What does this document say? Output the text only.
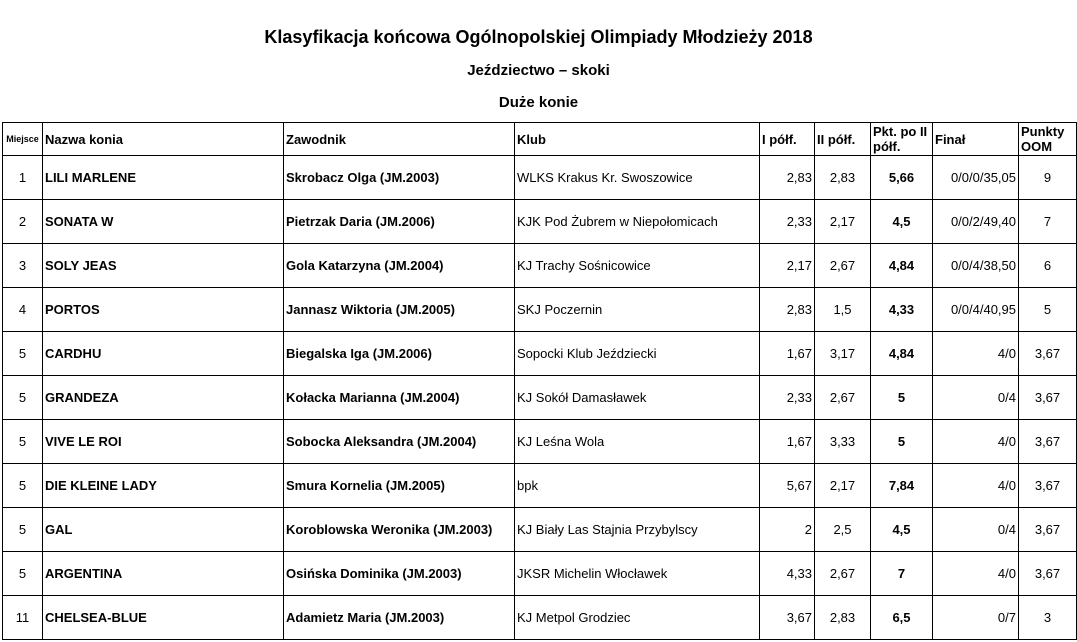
Klasyfikacja końcowa Ogólnopolskiej Olimpiady Młodzieży 2018
Jeździectwo – skoki
Duże konie
Miejsce	Nazwa konia	Zawodnik	Klub	I półf.	II półf.	Pkt. po II półf.	Finał	Punkty OOM
1	LILI MARLENE	Skrobacz Olga (JM.2003)	WLKS Krakus Kr. Swoszowice	2,83	2,83	5,66	0/0/0/35,05	9
2	SONATA W	Pietrzak Daria (JM.2006)	KJK Pod Żubrem w Niepołomicach	2,33	2,17	4,5	0/0/2/49,40	7
3	SOLY JEAS	Gola Katarzyna (JM.2004)	KJ Trachy Sośnicowice	2,17	2,67	4,84	0/0/4/38,50	6
4	PORTOS	Jannasz Wiktoria (JM.2005)	SKJ Poczernin	2,83	1,5	4,33	0/0/4/40,95	5
5	CARDHU	Biegalska Iga (JM.2006)	Sopocki Klub Jeździecki	1,67	3,17	4,84	4/0	3,67
5	GRANDEZA	Kołacka Marianna (JM.2004)	KJ Sokół Damasławek	2,33	2,67	5	0/4	3,67
5	VIVE LE ROI	Sobocka Aleksandra (JM.2004)	KJ Leśna Wola	1,67	3,33	5	4/0	3,67
5	DIE KLEINE LADY	Smura Kornelia (JM.2005)	bpk	5,67	2,17	7,84	4/0	3,67
5	GAL	Koroblowska Weronika (JM.2003)	KJ Biały Las Stajnia Przybylscy	2	2,5	4,5	0/4	3,67
5	ARGENTINA	Osińska Dominika (JM.2003)	JKSR Michelin Włocławek	4,33	2,67	7	4/0	3,67
11	CHELSEA-BLUE	Adamietz Maria (JM.2003)	KJ Metpol Grodziec	3,67	2,83	6,5	0/7	3
